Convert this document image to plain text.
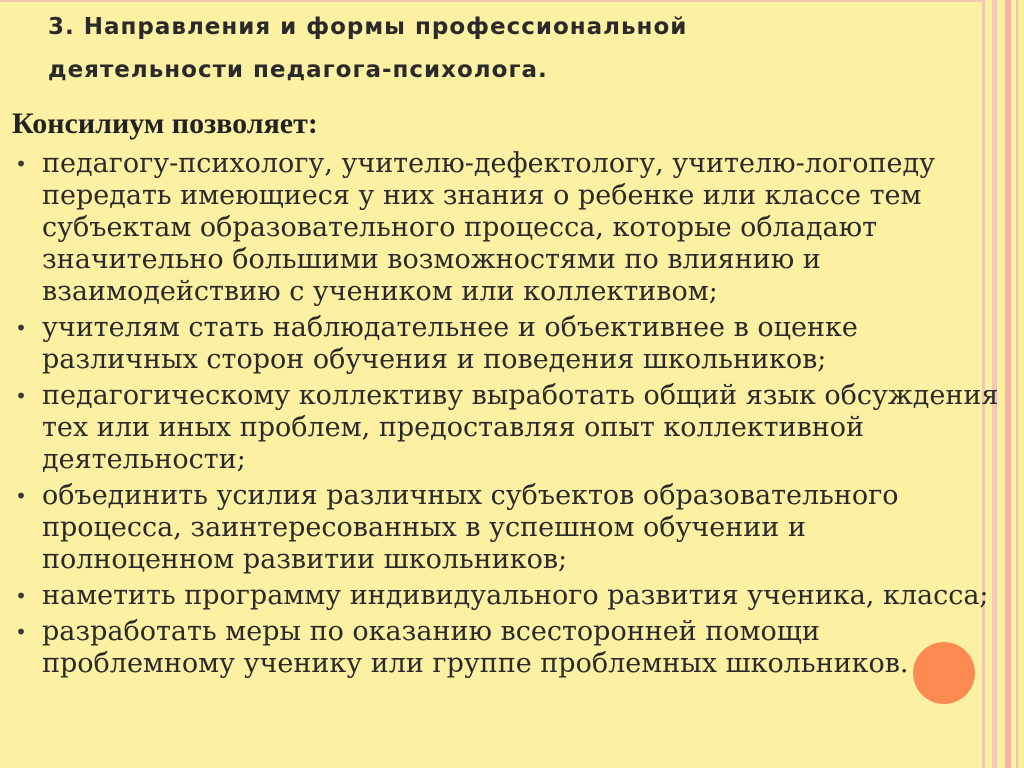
3. Направления и формы профессиональной
деятельности педагога-психолога.
Консилиум позволяет:
• педагогу-психологу, учителю-дефектологу, учителю-логопеду передать имеющиеся у них знания о ребенке или классе тем субъектам образовательного процесса, которые обладают значительно большими возможностями по влиянию и взаимодействию с учеником или коллективом;
• учителям стать наблюдательнее и объективнее в оценке различных сторон обучения и поведения школьников;
• педагогическому коллективу выработать общий язык обсуждения тех или иных проблем, предоставляя опыт коллективной деятельности;
• объединить усилия различных субъектов образовательного процесса, заинтересованных в успешном обучении и полноценном развитии школьников;
• наметить программу индивидуального развития ученика, класса;
• разработать меры по оказанию всесторонней помощи проблемному ученику или группе проблемных школьников.
